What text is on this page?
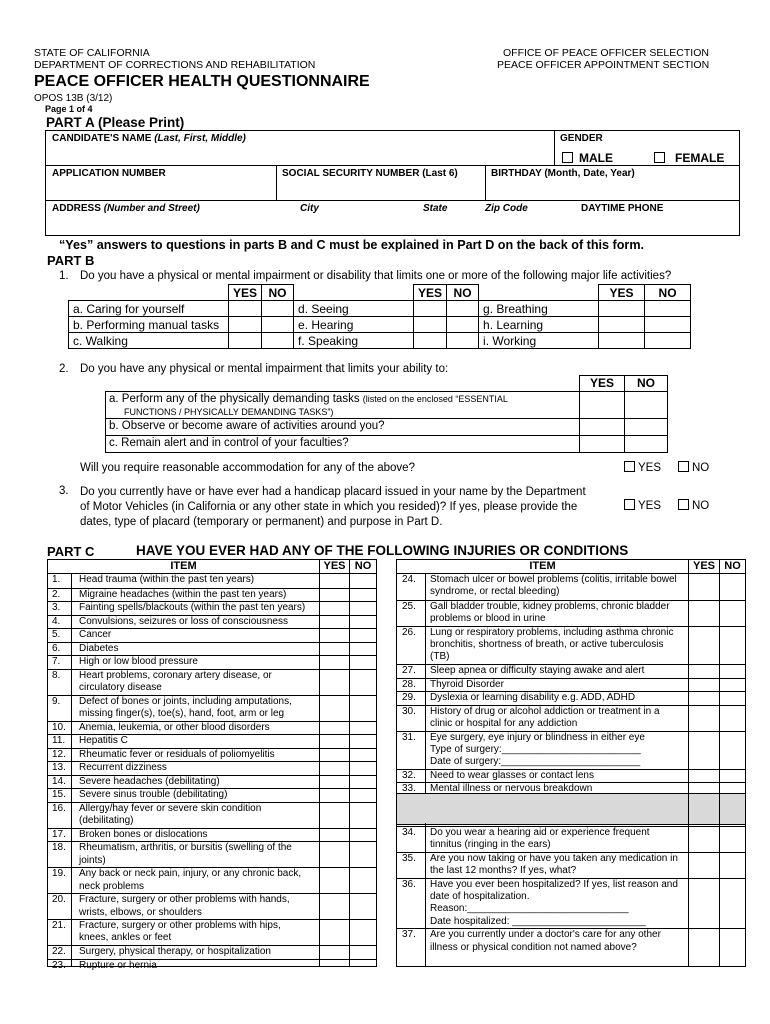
STATE OF CALIFORNIA
DEPARTMENT OF CORRECTIONS AND REHABILITATION
OFFICE OF PEACE OFFICER SELECTION
PEACE OFFICER APPOINTMENT SECTION
PEACE OFFICER HEALTH QUESTIONNAIRE
OPOS 13B (3/12)
Page 1 of 4
PART A (Please Print)
CANDIDATE'S NAME (Last, First, Middle)	GENDER
MALE	FEMALE
APPLICATION NUMBER	SOCIAL SECURITY NUMBER (Last 6)	BIRTHDAY (Month, Date, Year)
ADDRESS (Number and Street)	City	State	Zip Code	DAYTIME PHONE
“Yes” answers to questions in parts B and C must be explained in Part D on the back of this form.
PART B
1. Do you have a physical or mental impairment or disability that limits one or more of the following major life activities?
	YES	NO		YES	NO		YES	NO
a. Caring for yourself			d. Seeing			g. Breathing		
b. Performing manual tasks			e. Hearing			h. Learning		
c. Walking			f. Speaking			i. Working		
2. Do you have any physical or mental impairment that limits your ability to:
YES	NO
a. Perform any of the physically demanding tasks (listed on the enclosed “ESSENTIAL
FUNCTIONS / PHYSICALLY DEMANDING TASKS”)
b. Observe or become aware of activities around you?
c. Remain alert and in control of your faculties?
Will you require reasonable accommodation for any of the above?	YES	NO
3. Do you currently have or have ever had a handicap placard issued in your name by the Department
of Motor Vehicles (in California or any other state in which you resided)? If yes, please provide the
dates, type of placard (temporary or permanent) and purpose in Part D.
YES	NO
PART C	HAVE YOU EVER HAD ANY OF THE FOLLOWING INJURIES OR CONDITIONS
ITEM	YES NO
1. Head trauma (within the past ten years)
2. Migraine headaches (within the past ten years)
3. Fainting spells/blackouts (within the past ten years)
4. Convulsions, seizures or loss of consciousness
5. Cancer
6. Diabetes
7. High or low blood pressure
8. Heart problems, coronary artery disease, or
circulatory disease
9. Defect of bones or joints, including amputations,
missing finger(s), toe(s), hand, foot, arm or leg
10. Anemia, leukemia, or other blood disorders
11. Hepatitis C
12. Rheumatic fever or residuals of poliomyelitis
13. Recurrent dizziness
14. Severe headaches (debilitating)
15. Severe sinus trouble (debilitating)
16. Allergy/hay fever or severe skin condition
(debilitating)
17. Broken bones or dislocations
18. Rheumatism, arthritis, or bursitis (swelling of the
joints)
19. Any back or neck pain, injury, or any chronic back,
neck problems
20. Fracture, surgery or other problems with hands,
wrists, elbows, or shoulders
21. Fracture, surgery or other problems with hips,
knees, ankles or feet
22. Surgery, physical therapy, or hospitalization
23. Rupture or hernia
ITEM	YES NO
24. Stomach ulcer or bowel problems (colitis, irritable bowel
syndrome, or rectal bleeding)
25. Gall bladder trouble, kidney problems, chronic bladder
problems or blood in urine
26. Lung or respiratory problems, including asthma chronic
bronchitis, shortness of breath, or active tuberculosis
(TB)
27. Sleep apnea or difficulty staying awake and alert
28. Thyroid Disorder
29. Dyslexia or learning disability e.g. ADD, ADHD
30. History of drug or alcohol addiction or treatment in a
clinic or hospital for any addiction
31. Eye surgery, eye injury or blindness in either eye
Type of surgery:_________________________
Date of surgery:_________________________
32. Need to wear glasses or contact lens
33. Mental illness or nervous breakdown
34. Do you wear a hearing aid or experience frequent
tinnitus (ringing in the ears)
35. Are you now taking or have you taken any medication in
the last 12 months? If yes, what?
36. Have you ever been hospitalized? If yes, list reason and
date of hospitalization.
Reason:_____________________________
Date hospitalized: ________________________
37. Are you currently under a doctor's care for any other
illness or physical condition not named above?
